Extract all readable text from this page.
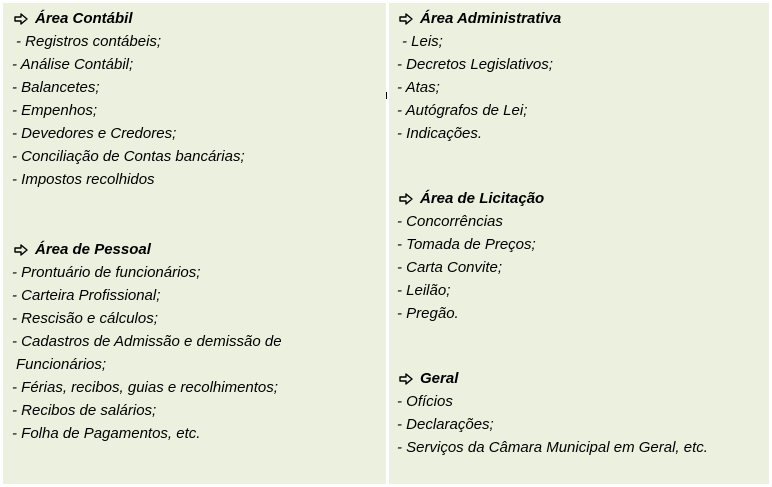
Área Contábil
- Registros contábeis;
- Análise Contábil;
- Balancetes;
- Empenhos;
- Devedores e Credores;
- Conciliação de Contas bancárias;
- Impostos recolhidos
Área de Pessoal
- Prontuário de funcionários;
- Carteira Profissional;
- Rescisão e cálculos;
- Cadastros de Admissão e demissão de
Funcionários;
- Férias, recibos, guias e recolhimentos;
- Recibos de salários;
- Folha de Pagamentos, etc.
Área Administrativa
- Leis;
- Decretos Legislativos;
- Atas;
- Autógrafos de Lei;
- Indicações.
Área de Licitação
- Concorrências
- Tomada de Preços;
- Carta Convite;
- Leilão;
- Pregão.
Geral
- Ofícios
- Declarações;
- Serviços da Câmara Municipal em Geral, etc.
